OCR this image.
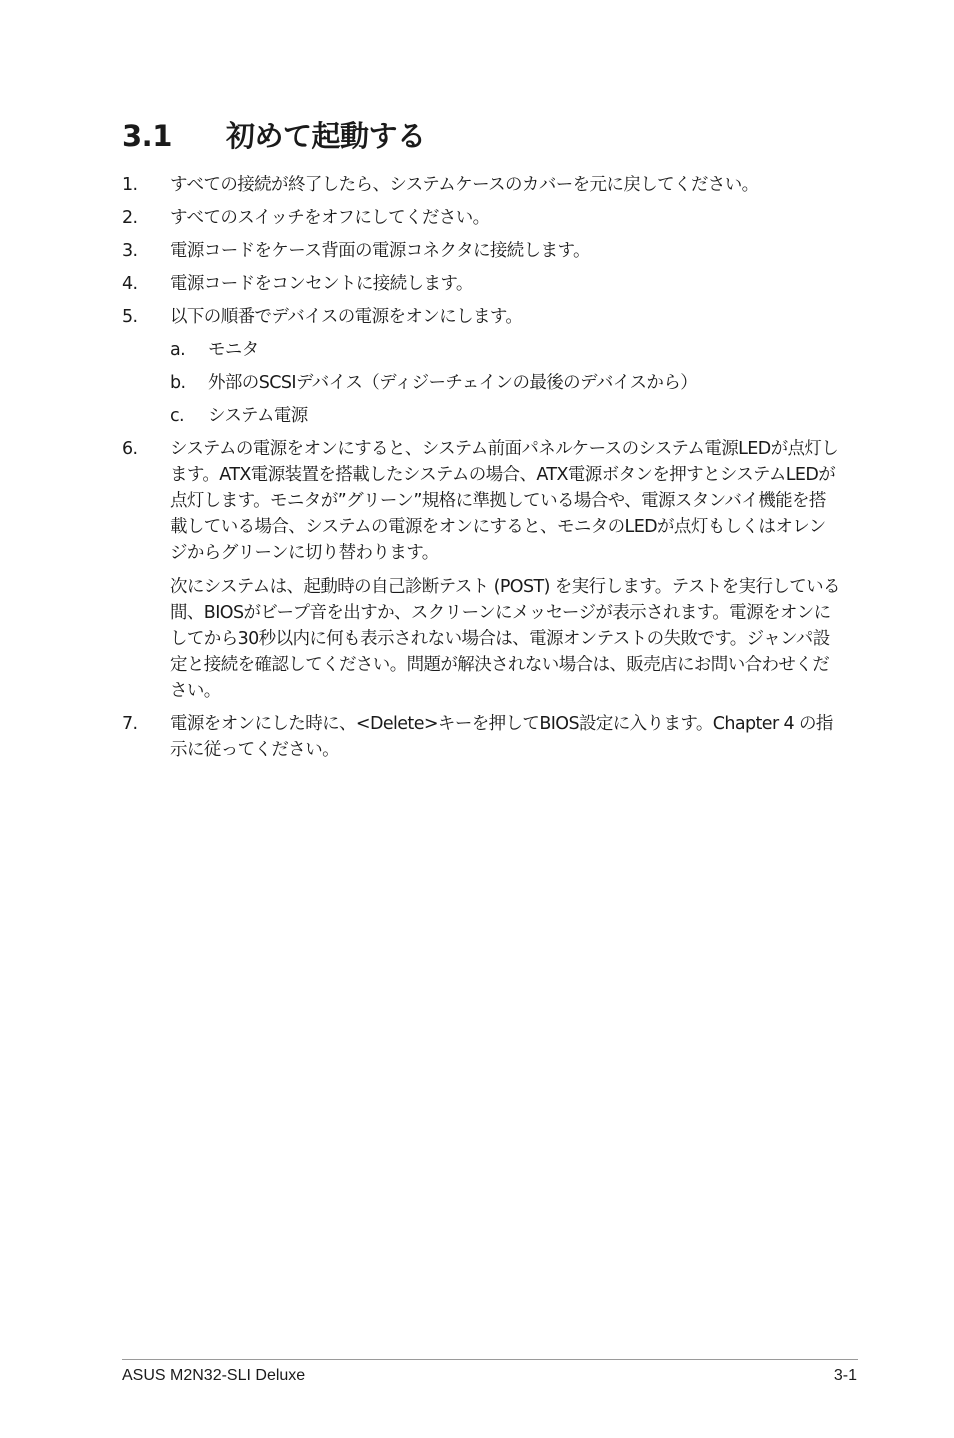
3.1 初めて起動する
1.	すべての接続が終了したら、システムケースのカバーを元に戻してください。
2.	すべてのスイッチをオフにしてください。
3.	電源コードをケース背面の電源コネクタに接続します。
4.	電源コードをコンセントに接続します。
5.	以下の順番でデバイスの電源をオンにします。
a.	モニタ
b.	外部のSCSIデバイス（ディジーチェインの最後のデバイスから）
c.	システム電源
6.	システムの電源をオンにすると、システム前面パネルケースのシステム電源LEDが点灯します。ATX電源装置を搭載したシステムの場合、ATX電源ボタンを押すとシステムLEDが点灯します。モニタが”グリーン”規格に準拠している場合や、電源スタンバイ機能を搭載している場合、システムの電源をオンにすると、モニタのLEDが点灯もしくはオレンジからグリーンに切り替わります。

次にシステムは、起動時の自己診断テスト (POST) を実行します。テストを実行している間、BIOSがビープ音を出すか、スクリーンにメッセージが表示されます。電源をオンにしてから30秒以内に何も表示されない場合は、電源オンテストの失敗です。ジャンパ設定と接続を確認してください。問題が解決されない場合は、販売店にお問い合わせください。

7.	電源をオンにした時に、<Delete>キーを押してBIOS設定に入ります。Chapter 4 の指示に従ってください。
ASUS M2N32-SLI Deluxe	3-1
